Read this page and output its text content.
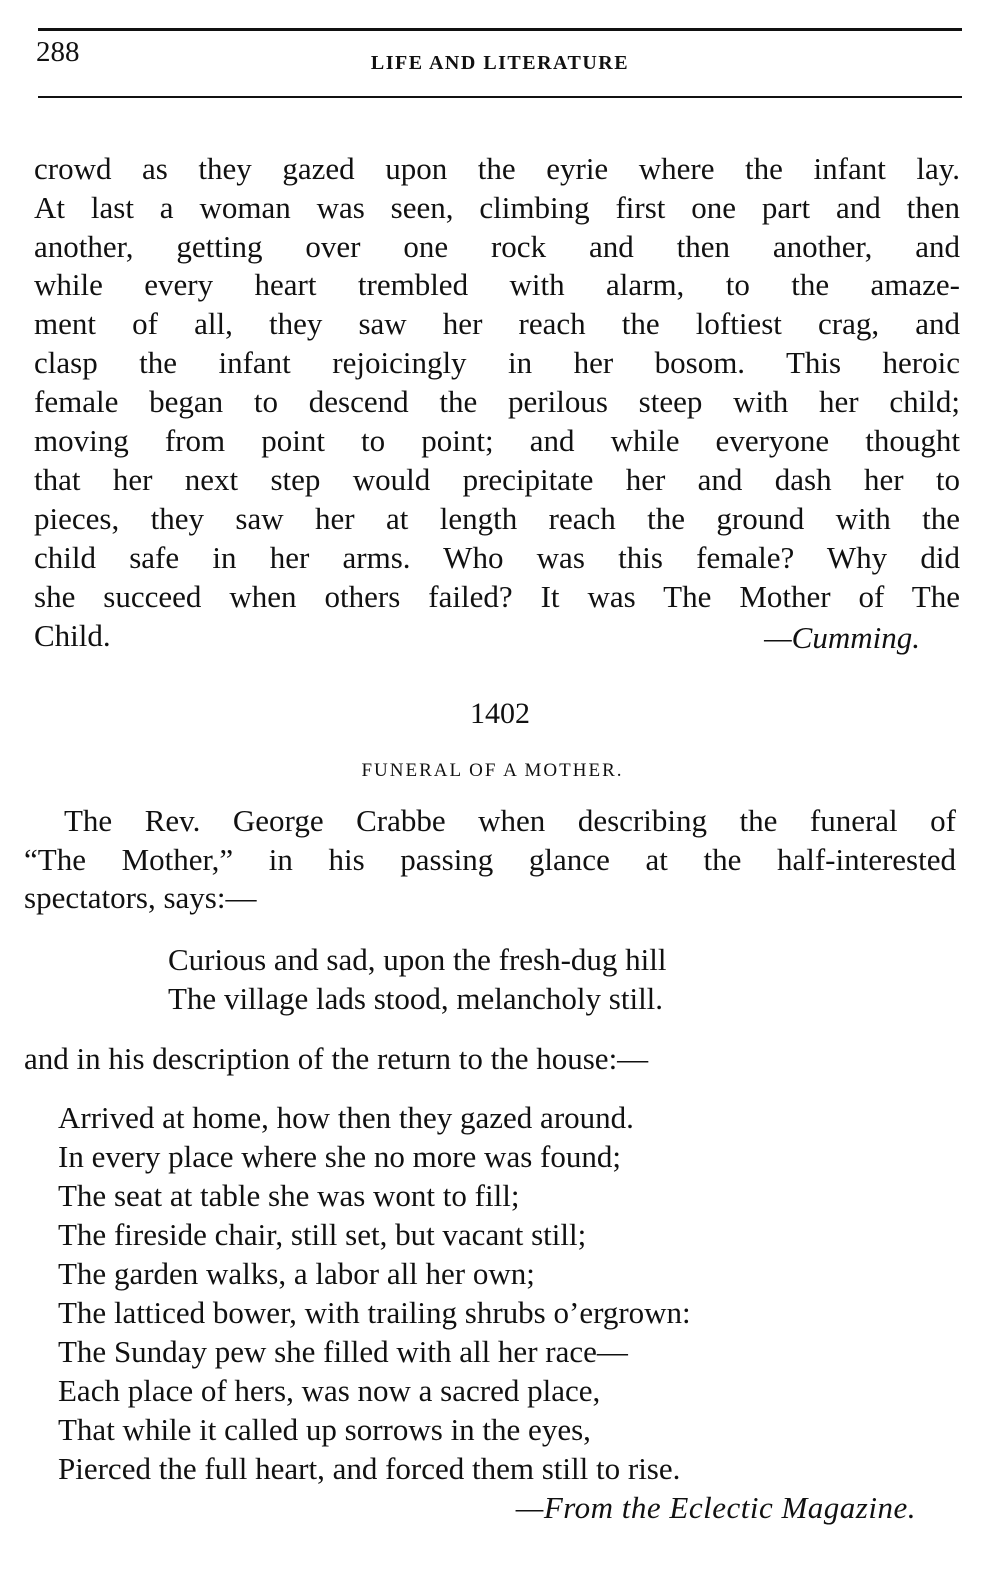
288	LIFE AND LITERATURE
crowd as they gazed upon the eyrie where the infant lay.
At last a woman was seen, climbing first one part and then
another, getting over one rock and then another, and
while every heart trembled with alarm, to the amaze-
ment of all, they saw her reach the loftiest crag, and
clasp the infant rejoicingly in her bosom. This heroic
female began to descend the perilous steep with her child;
moving from point to point; and while everyone thought
that her next step would precipitate her and dash her to
pieces, they saw her at length reach the ground with the
child safe in her arms. Who was this female? Why did
she succeed when others failed? It was The Mother of The
Child.	—Cumming.
1402
FUNERAL OF A MOTHER.
The Rev. George Crabbe when describing the funeral of
“The Mother,” in his passing glance at the half-interested
spectators, says:—
Curious and sad, upon the fresh-dug hill
The village lads stood, melancholy still.
and in his description of the return to the house:—
Arrived at home, how then they gazed around.
In every place where she no more was found;
The seat at table she was wont to fill;
The fireside chair, still set, but vacant still;
The garden walks, a labor all her own;
The latticed bower, with trailing shrubs o’ergrown:
The Sunday pew she filled with all her race—
Each place of hers, was now a sacred place,
That while it called up sorrows in the eyes,
Pierced the full heart, and forced them still to rise.
—From the Eclectic Magazine.
